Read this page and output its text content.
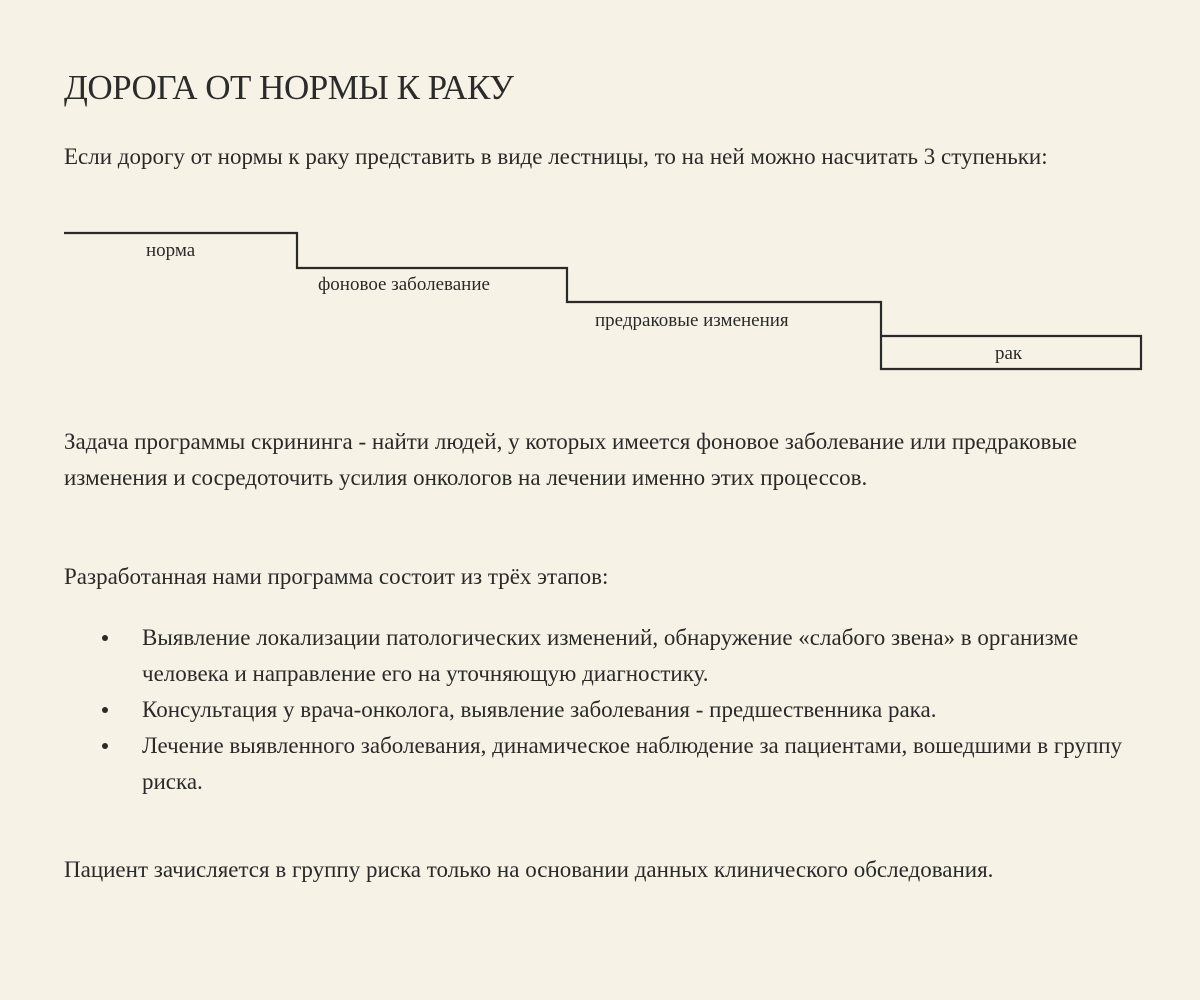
ДОРОГА ОТ НОРМЫ К РАКУ

Если дорогу от нормы к раку представить в виде лестницы, то на ней можно насчитать 3 ступеньки:

норма
фоновое заболевание
предраковые изменения
рак

Задача программы скрининга - найти людей, у которых имеется фоновое заболевание или предраковые изменения и сосредоточить усилия онкологов на лечении именно этих процессов.

Разработанная нами программа состоит из трёх этапов:

Выявление локализации патологических изменений, обнаружение «слабого звена» в организме человека и направление его на уточняющую диагностику.
Консультация у врача-онколога, выявление заболевания - предшественника рака.
Лечение выявленного заболевания, динамическое наблюдение за пациентами, вошедшими в группу риска.

Пациент зачисляется в группу риска только на основании данных клинического обследования.
